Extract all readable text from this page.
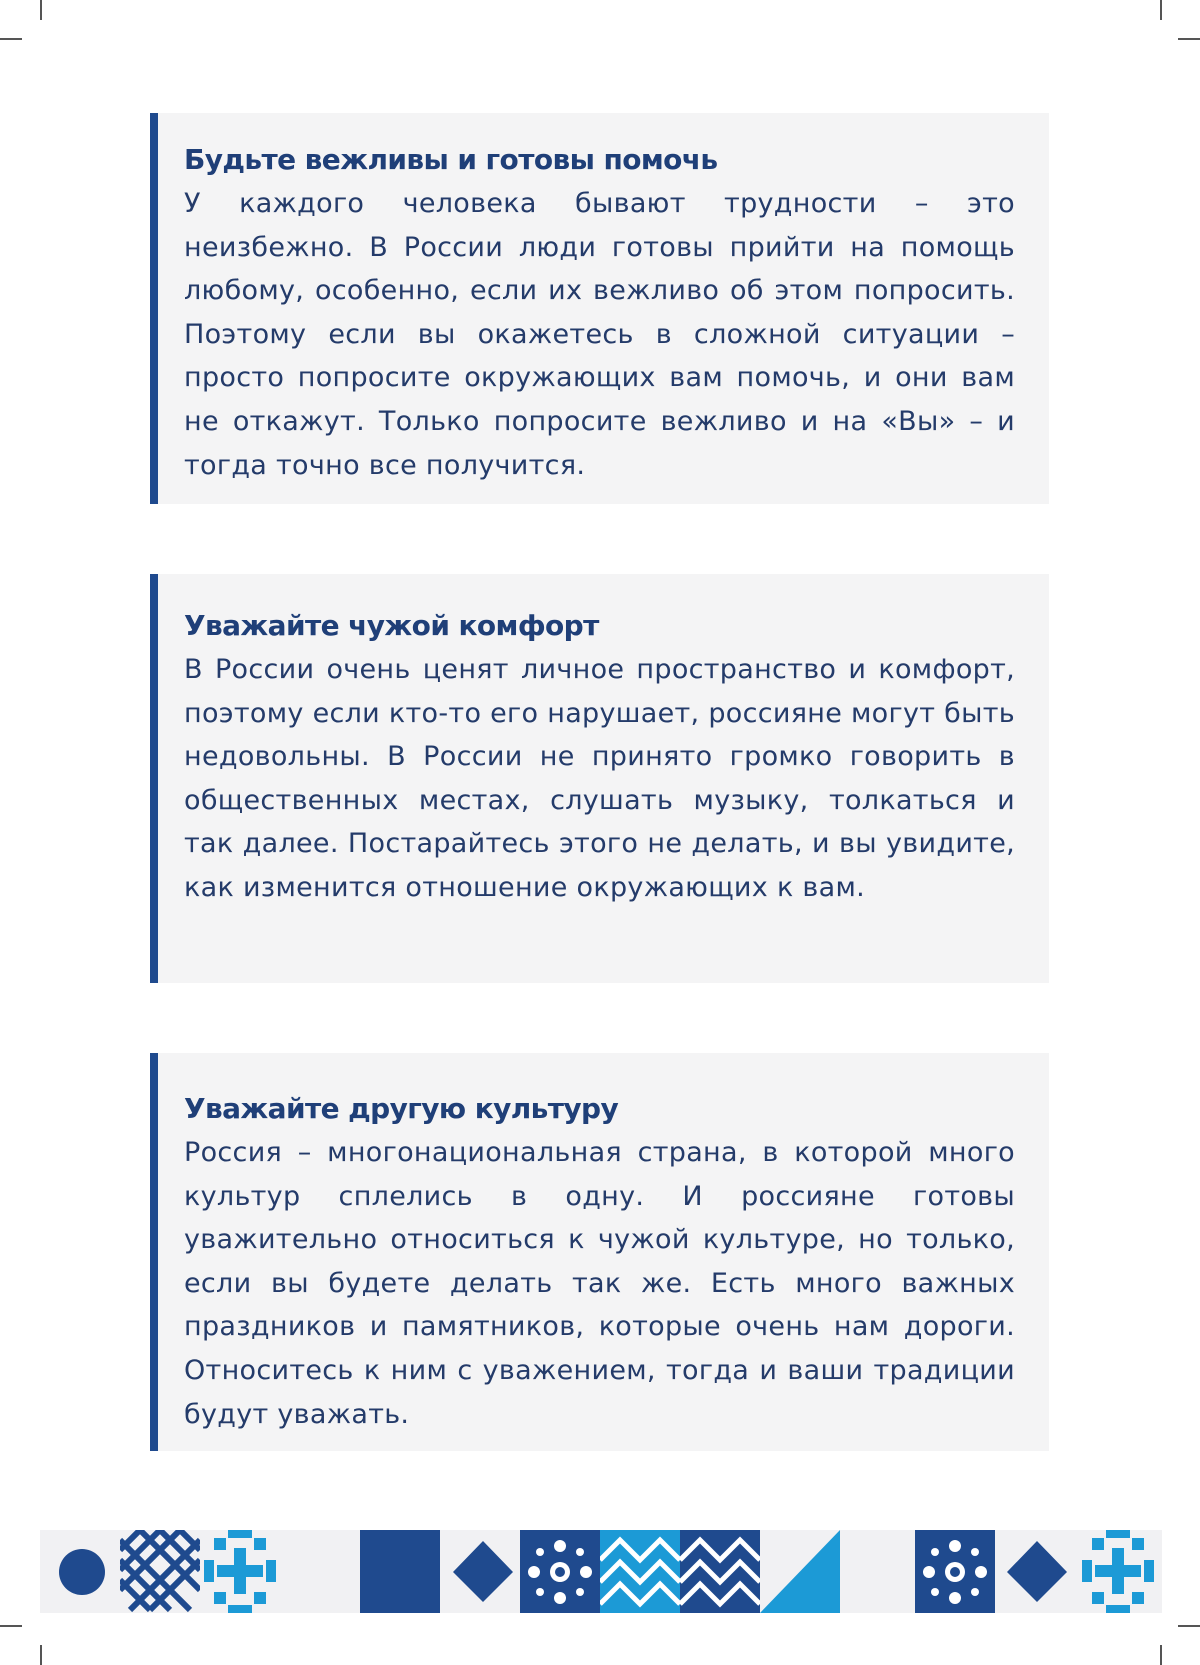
Будьте вежливы и готовы помочь

У каждого человека бывают трудности – это неизбежно. В России люди готовы прийти на помощь любому, особенно, если их вежливо об этом попросить. Поэтому если вы окажетесь в сложной ситуации – просто попросите окружающих вам помочь, и они вам не откажут. Только попросите вежливо и на «Вы» – и тогда точно все получится.

Уважайте чужой комфорт

В России очень ценят личное пространство и комфорт, поэтому если кто-то его нарушает, россияне могут быть недовольны. В России не принято громко говорить в общественных местах, слушать музыку, толкаться и так далее. Постарайтесь этого не делать, и вы увидите, как изменится отношение окружающих к вам.

Уважайте другую культуру

Россия – многонациональная страна, в которой много культур сплелись в одну. И россияне готовы уважительно относиться к чужой культуре, но только, если вы будете делать так же. Есть много важных праздников и памятников, которые очень нам дороги. Относитесь к ним с уважением, тогда и ваши традиции будут уважать.
